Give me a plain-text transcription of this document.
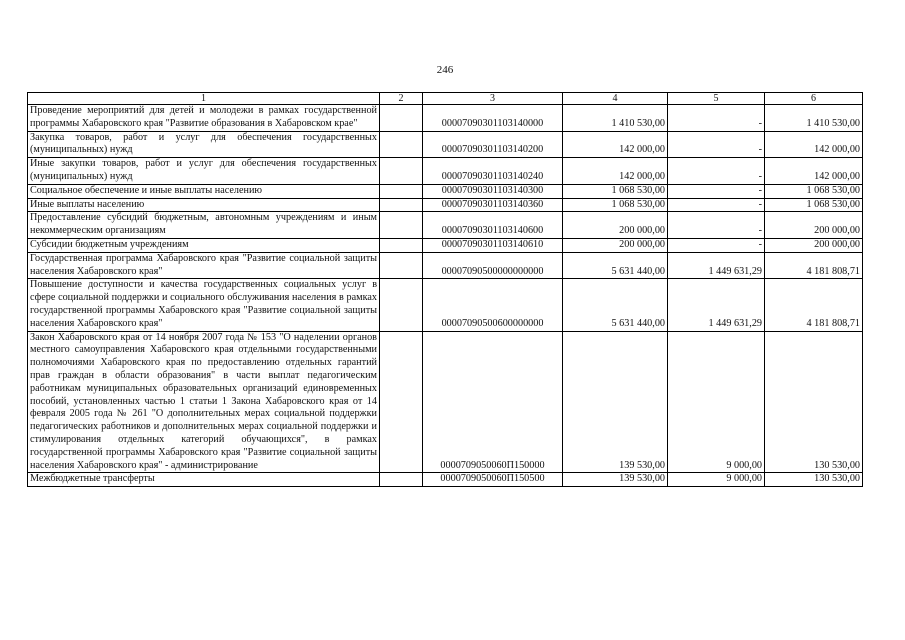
246
1	2	3	4	5	6
Проведение мероприятий для детей и молодежи в рамках государственной программы Хабаровского края "Развитие образования в Хабаровском крае"		00007090301103140000	1 410 530,00	-	1 410 530,00
Закупка товаров, работ и услуг для обеспечения государственных (муниципальных) нужд		00007090301103140200	142 000,00	-	142 000,00
Иные закупки товаров, работ и услуг для обеспечения государственных (муниципальных) нужд		00007090301103140240	142 000,00	-	142 000,00
Социальное обеспечение и иные выплаты населению		00007090301103140300	1 068 530,00	-	1 068 530,00
Иные выплаты населению		00007090301103140360	1 068 530,00	-	1 068 530,00
Предоставление субсидий бюджетным, автономным учреждениям и иным некоммерческим организациям		00007090301103140600	200 000,00	-	200 000,00
Субсидии бюджетным учреждениям		00007090301103140610	200 000,00	-	200 000,00
Государственная программа Хабаровского края "Развитие социальной защиты населения Хабаровского края"		00007090500000000000	5 631 440,00	1 449 631,29	4 181 808,71
Повышение доступности и качества государственных социальных услуг в сфере социальной поддержки и социального обслуживания населения в рамках государственной программы Хабаровского края "Развитие социальной защиты населения Хабаровского края"		00007090500600000000	5 631 440,00	1 449 631,29	4 181 808,71
Закон Хабаровского края от 14 ноября 2007 года № 153 "О наделении органов местного самоуправления Хабаровского края отдельными государственными полномочиями Хабаровского края по предоставлению отдельных гарантий прав граждан в области образования" в части выплат педагогическим работникам муниципальных образовательных организаций единовременных пособий, установленных частью 1 статьи 1 Закона Хабаровского края от 14 февраля 2005 года № 261 "О дополнительных мерах социальной поддержки педагогических работников и дополнительных мерах социальной поддержки и стимулирования отдельных категорий обучающихся", в рамках государственной программы Хабаровского края "Развитие социальной защиты населения Хабаровского края" - администрирование		0000709050060П150000	139 530,00	9 000,00	130 530,00
Межбюджетные трансферты		0000709050060П150500	139 530,00	9 000,00	130 530,00
